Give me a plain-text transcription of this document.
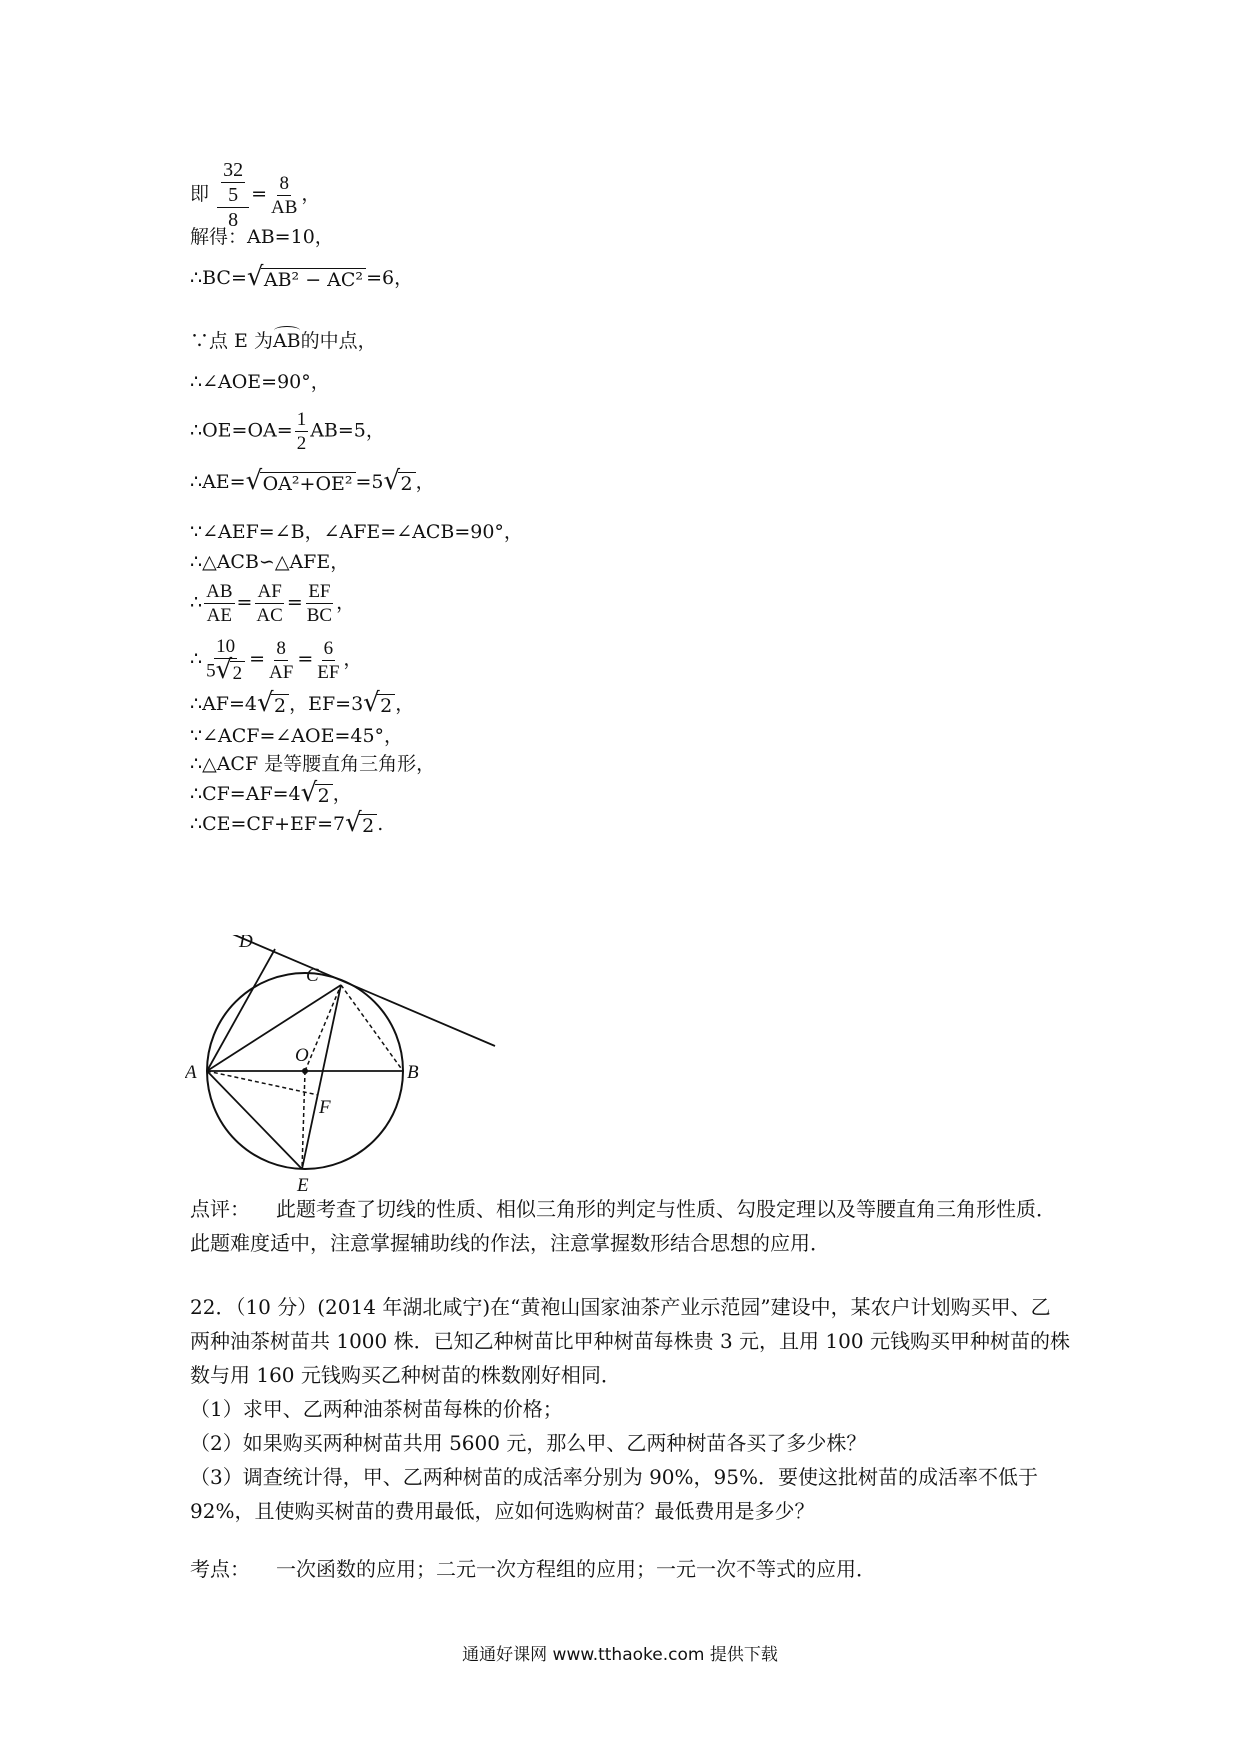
即 $\frac{\frac{32}{5}}{8} = \frac{8}{AB}$ ，
解得：AB=10，
∴BC= √ AB² − AC² =6，
∵点 E 为AB的中点，
∴∠AOE=90°，
∴OE=OA= $\frac{1}{2} AB=5$，
∴AE= √ OA²+OE² =5 √ 2 ，
∵∠AEF=∠B，∠AFE=∠ACB=90°，
∴△ACB∽△AFE，
∴ $\frac{AB}{AE} = \frac{AF}{AC} = \frac{EF}{BC}$ ，
∴ $\frac{10}{5 √ 2} = \frac{8}{AF} = \frac{6}{EF}$ ，
∴AF=4 √ 2 ，EF=3 √ 2 ，
∵∠ACF=∠AOE=45°，
∴△ACF 是等腰直角三角形，
∴CF=AF=4 √ 2 ，
∴CE=CF+EF=7 √ 2 .
D
C
A
O
B
F
E
点评： 此题考查了切线的性质、相似三角形的判定与性质、勾股定理以及等腰直角三角形性质．此题难度适中，注意掌握辅助线的作法，注意掌握数形结合思想的应用．
22．（10 分）(2014 年湖北咸宁)在“黄袍山国家油茶产业示范园”建设中，某农户计划购买甲、乙两种油茶树苗共 1000 株．已知乙种树苗比甲种树苗每株贵 3 元，且用 100 元钱购买甲种树苗的株数与用 160 元钱购买乙种树苗的株数刚好相同．
（1）求甲、乙两种油茶树苗每株的价格；
（2）如果购买两种树苗共用 5600 元，那么甲、乙两种树苗各买了多少株？
（3）调查统计得，甲、乙两种树苗的成活率分别为 90%，95%．要使这批树苗的成活率不低于 92%，且使购买树苗的费用最低，应如何选购树苗？最低费用是多少？
考点： 一次函数的应用；二元一次方程组的应用；一元一次不等式的应用．
通通好课网 www.tthaoke.com 提供下载
